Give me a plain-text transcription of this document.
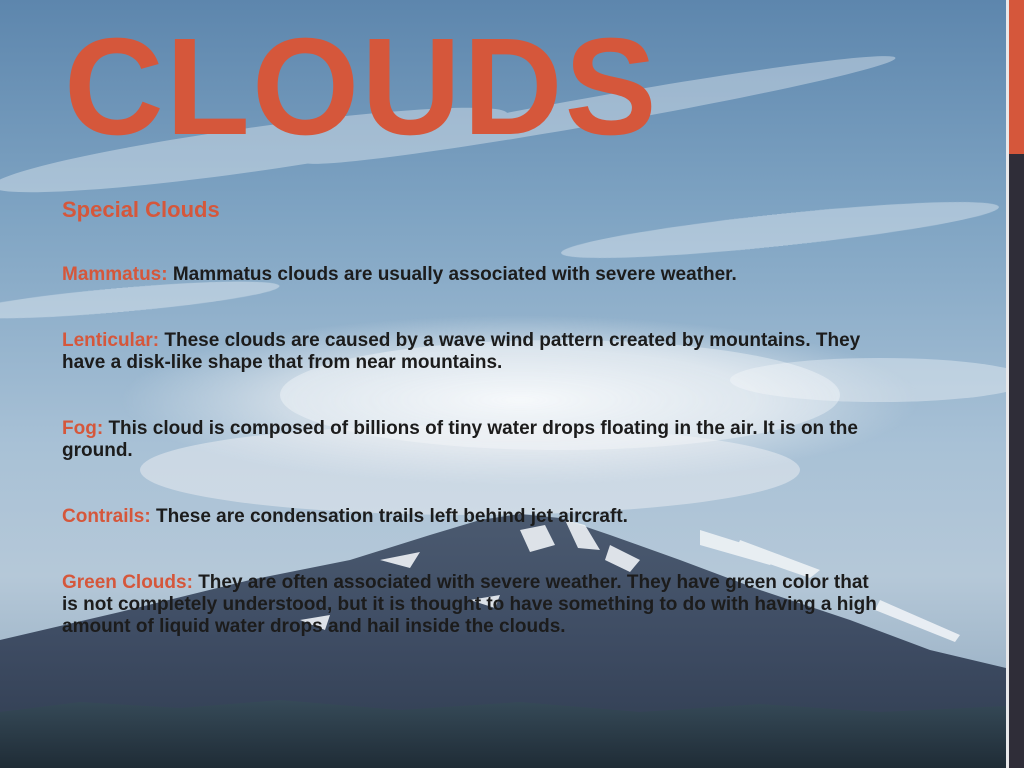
CLOUDS

Special Clouds

Mammatus: Mammatus clouds are usually associated with severe weather.

Lenticular: These clouds are caused by a wave wind pattern created by mountains. They have a disk-like shape that from near mountains.

Fog: This cloud is composed of billions of tiny water drops floating in the air. It is on the ground.

Contrails: These are condensation trails left behind jet aircraft.

Green Clouds: They are often associated with severe weather. They have green color that is not completely understood, but it is thought to have something to do with having a high amount of liquid water drops and hail inside the clouds.
